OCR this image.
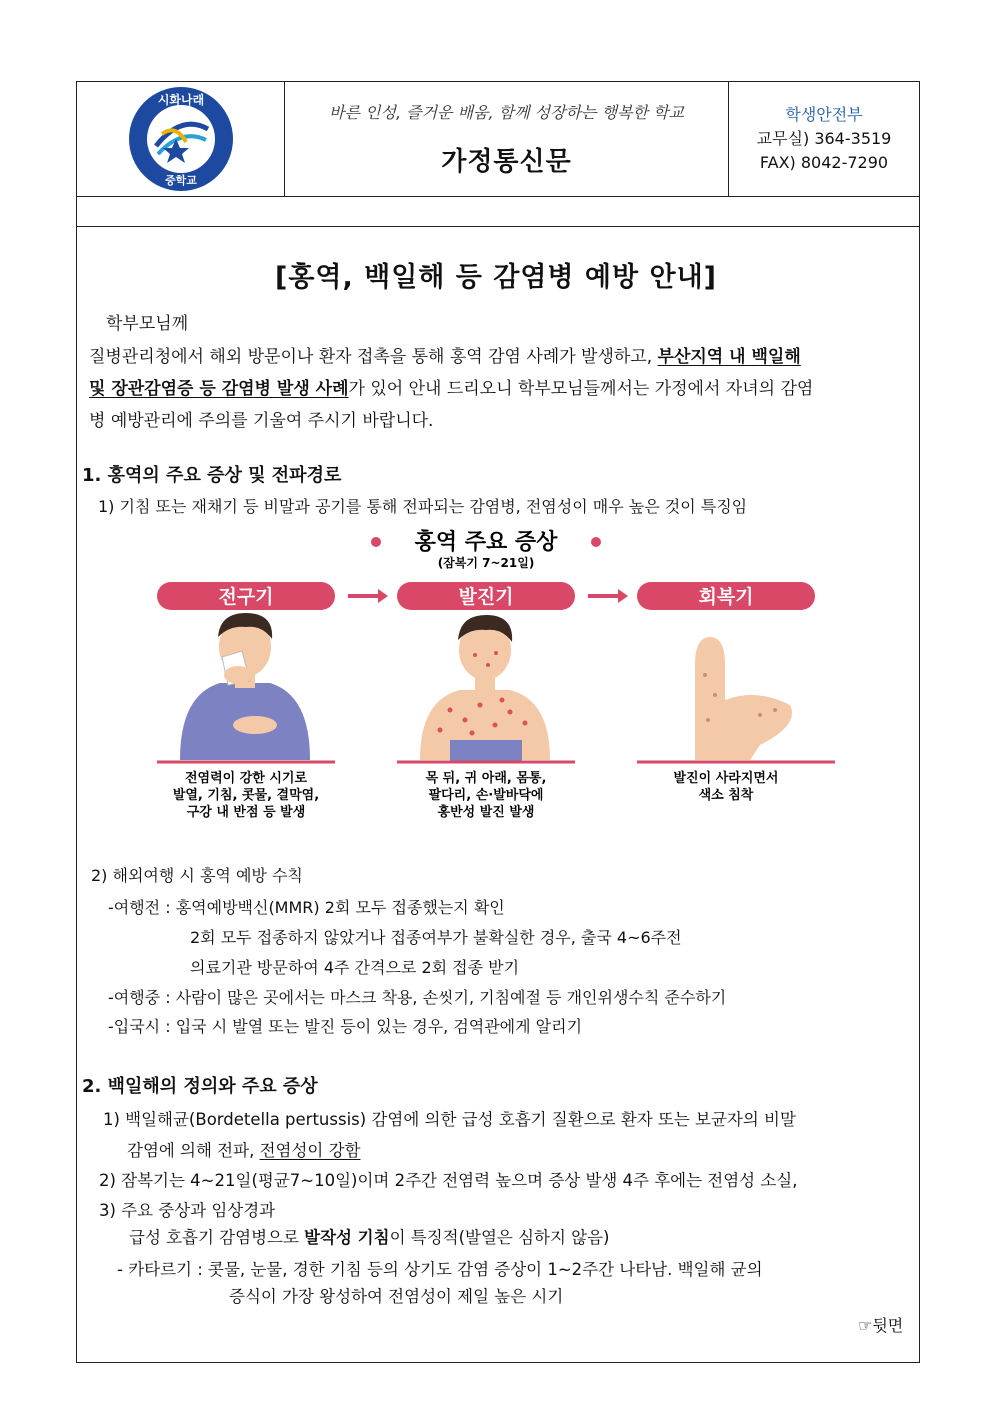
시화나래
중학교
바른 인성, 즐거운 배움, 함께 성장하는 행복한 학교
가정통신문
학생안전부
교무실) 364-3519
FAX) 8042-7290
[홍역, 백일해 등 감염병 예방 안내]
학부모님께
질병관리청에서 해외 방문이나 환자 접촉을 통해 홍역 감염 사례가 발생하고, 부산지역 내 백일해
및 장관감염증 등 감염병 발생 사례가 있어 안내 드리오니 학부모님들께서는 가정에서 자녀의 감염
병 예방관리에 주의를 기울여 주시기 바랍니다.
1. 홍역의 주요 증상 및 전파경로
1) 기침 또는 재채기 등 비말과 공기를 통해 전파되는 감염병, 전염성이 매우 높은 것이 특징임
홍역 주요 증상
(잠복기 7~21일)
전구기	발진기	회복기
전염력이 강한 시기로
발열, 기침, 콧물, 결막염,
구강 내 반점 등 발생
목 뒤, 귀 아래, 몸통,
팔다리, 손·발바닥에
홍반성 발진 발생
발진이 사라지면서
색소 침착
2) 해외여행 시 홍역 예방 수칙
-여행전 : 홍역예방백신(MMR) 2회 모두 접종했는지 확인
2회 모두 접종하지 않았거나 접종여부가 불확실한 경우, 출국 4~6주전
의료기관 방문하여 4주 간격으로 2회 접종 받기
-여행중 : 사람이 많은 곳에서는 마스크 착용, 손씻기, 기침예절 등 개인위생수칙 준수하기
-입국시 : 입국 시 발열 또는 발진 등이 있는 경우, 검역관에게 알리기
2. 백일해의 정의와 주요 증상
1) 백일해균(Bordetella pertussis) 감염에 의한 급성 호흡기 질환으로 환자 또는 보균자의 비말
감염에 의해 전파, 전염성이 강함
2) 잠복기는 4~21일(평균7~10일)이며 2주간 전염력 높으며 증상 발생 4주 후에는 전염성 소실,
3) 주요 중상과 임상경과
급성 호흡기 감염병으로 발작성 기침이 특징적(발열은 심하지 않음)
- 카타르기 : 콧물, 눈물, 경한 기침 등의 상기도 감염 증상이 1~2주간 나타남. 백일해 균의
증식이 가장 왕성하여 전염성이 제일 높은 시기
☞뒷면
